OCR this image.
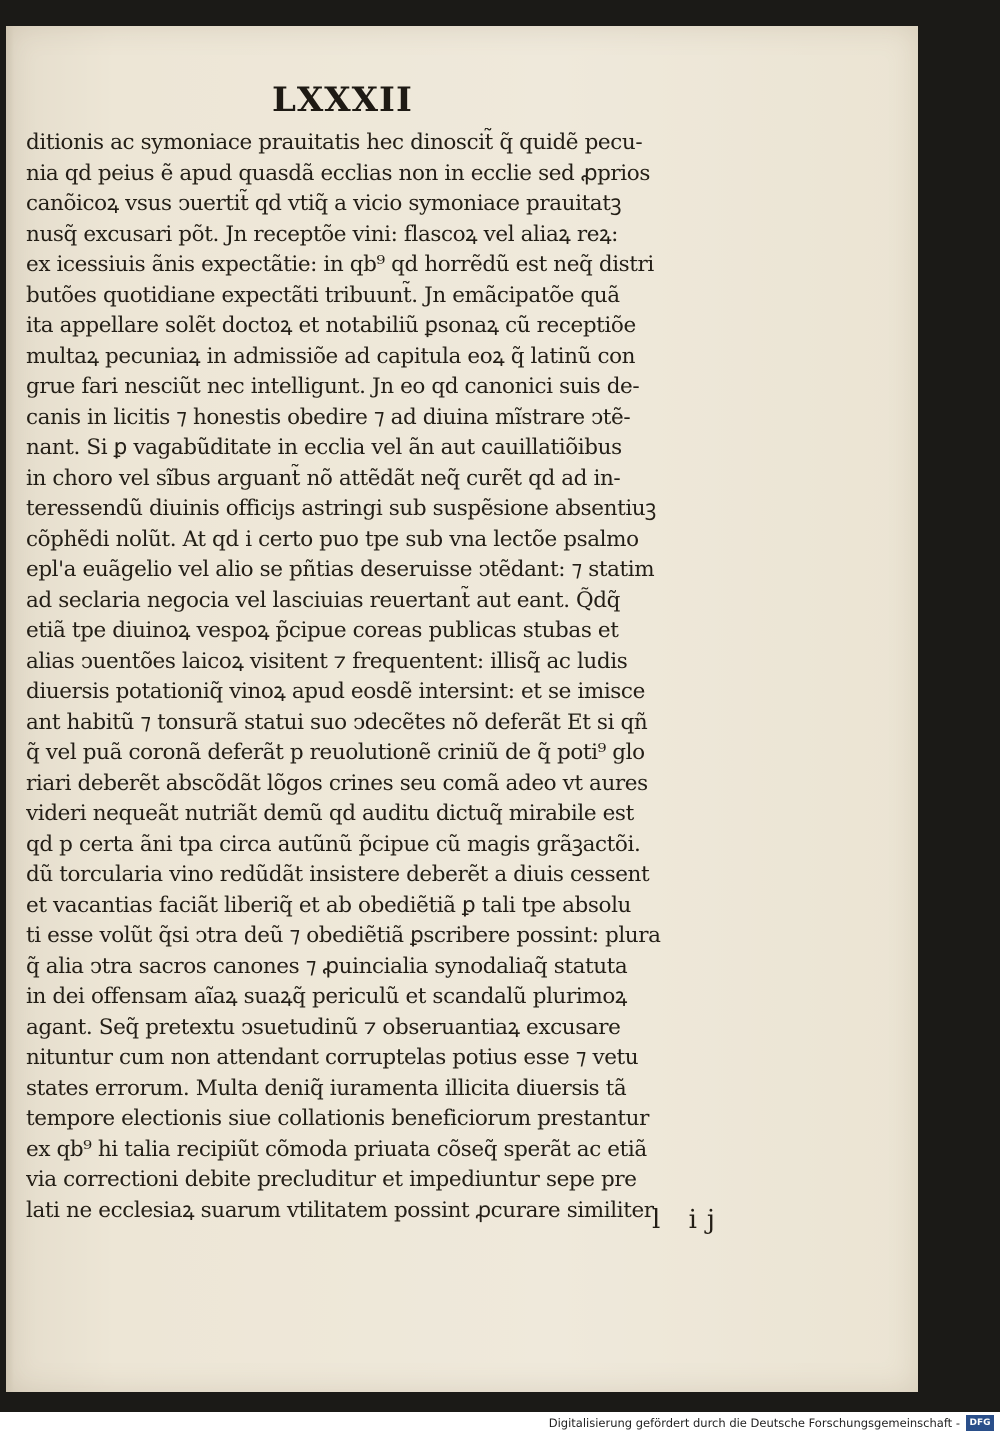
LXXXII
ditionis ac symoniace prauitatis hec dinoscit̃ q̃ quidẽ pecu-
nia qd peius ẽ apud quasdã ecclias non in ecclie sed ꝓprios
canõicoꝝ vsus ↄuertit̃ qd vtiq̃ a vicio symoniace prauitatꝫ
nusq̃ excusari põt. Jn receptõe vini: flascoꝝ vel aliaꝝ reꝝ:
ex icessiuis ãnis expectãtie: in qb⁹ qd horrẽdũ est neq̃ distri
butões quotidiane expectãti tribuunt̃. Jn emãcipatõe quã
ita appellare solẽt doctoꝝ et notabiliũ ꝑsonaꝝ cũ receptiõe
multaꝝ pecuniaꝝ in admissiõe ad capitula eoꝝ q̃ latinũ con
grue fari nesciũt nec intelligunt. Jn eo qd canonici suis de-
canis in licitis ⁊ honestis obedire ⁊ ad diuina mĩstrare ↄtẽ-
nant. Si ꝑ vagabũditate in ecclia vel ãn aut cauillatiõibus
in choro vel sĩbus arguant̃ nõ attẽdãt neq̃ curẽt qd ad in-
teressendũ diuinis officiȷs astringi sub suspẽsione absentiuꝫ
cõphẽdi nolũt. At qd i certo puo tpe sub vna lectõe psalmo
epl'a euãgelio vel alio se pñtias deseruisse ↄtẽdant: ⁊ statim
ad seclaria negocia vel lasciuias reuertant̃ aut eant. Q̃dq̃
etiã tpe diuinoꝝ vespoꝝ p̃cipue coreas publicas stubas et
alias ↄuentões laicoꝝ visitent ⁊ frequentent: illisq̃ ac ludis
diuersis potationiq̃ vinoꝝ apud eosdẽ intersint: et se imisce
ant habitũ ⁊ tonsurã statui suo ↄdecẽtes nõ deferãt Et si qñ
q̃ vel puã coronã deferãt p reuolutionẽ criniũ de q̃ poti⁹ glo
riari deberẽt abscõdãt lõgos crines seu comã adeo vt aures
videri nequeãt nutriãt demũ qd auditu dictuq̃ mirabile est
qd p certa ãni tpa circa autũnũ p̃cipue cũ magis grãꝫactõi.
dũ torcularia vino redũdãt insistere deberẽt a diuis cessent
et vacantias faciãt liberiq̃ et ab obediẽtiã ꝑ tali tpe absolu
ti esse volũt q̃si ↄtra deũ ⁊ obediẽtiã ꝑscribere possint: plura
q̃ alia ↄtra sacros canones ⁊ ꝓuincialia synodaliaq̃ statuta
in dei offensam aĩaꝝ suaꝝq̃ periculũ et scandalũ plurimoꝝ
agant. Seq̃ pretextu ↄsuetudinũ ⁊ obseruantiaꝝ excusare
nituntur cum non attendant corruptelas potius esse ⁊ vetu
states errorum. Multa deniq̃ iuramenta illicita diuersis tã
tempore electionis siue collationis beneficiorum prestantur
ex qb⁹ hi talia recipiũt cõmoda priuata cõseq̃ sperãt ac etiã
via correctioni debite precluditur et impediuntur sepe pre
lati ne ecclesiaꝝ suarum vtilitatem possint ꝓcurare similiter
l ij
Digitalisierung gefördert durch die Deutsche Forschungsgemeinschaft -	DFG
